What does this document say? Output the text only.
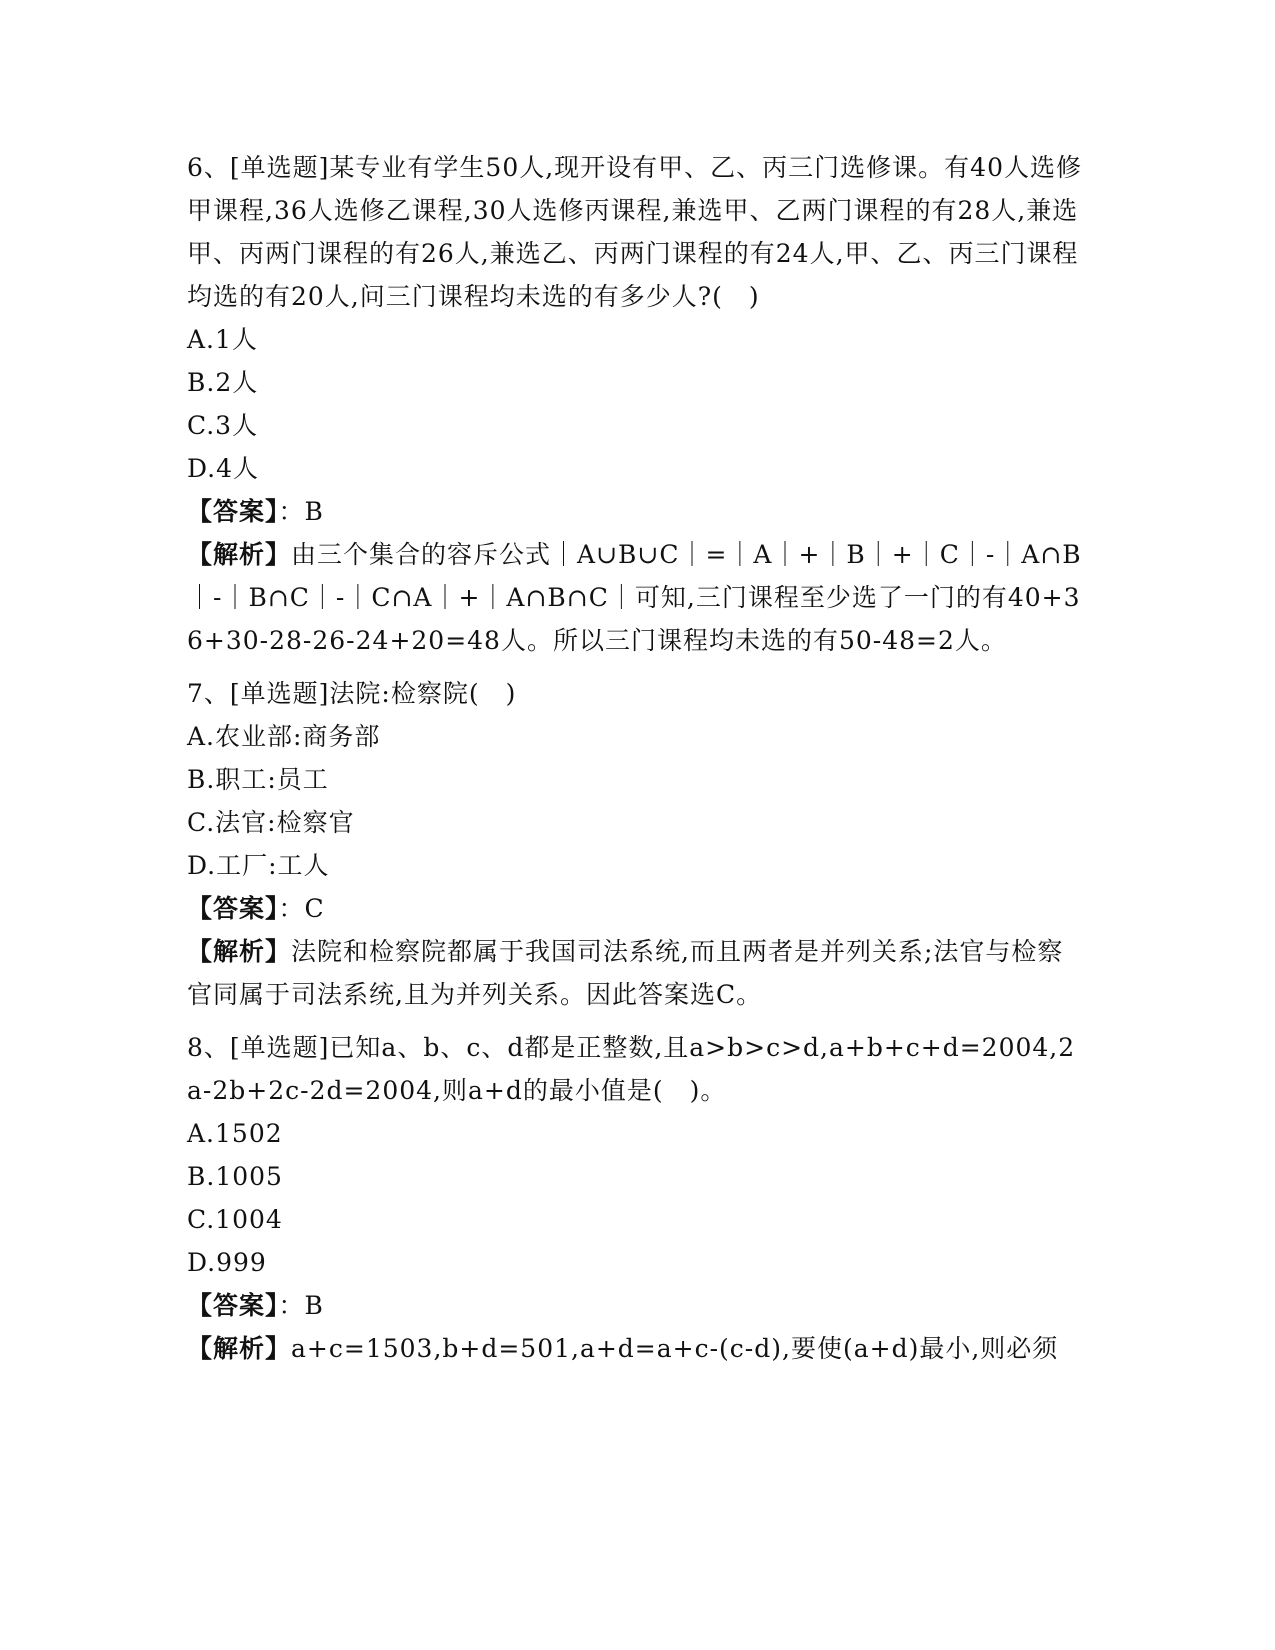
6、[单选题]某专业有学生50人,现开设有甲、乙、丙三门选修课。有40人选修甲课程,36人选修乙课程,30人选修丙课程,兼选甲、乙两门课程的有28人,兼选甲、丙两门课程的有26人,兼选乙、丙两门课程的有24人,甲、乙、丙三门课程均选的有20人,问三门课程均未选的有多少人?(　)
A.1人
B.2人
C.3人
D.4人
【答案】：B
【解析】由三个集合的容斥公式｜A∪B∪C｜=｜A｜+｜B｜+｜C｜-｜A∩B｜-｜B∩C｜-｜C∩A｜+｜A∩B∩C｜可知,三门课程至少选了一门的有40+36+30-28-26-24+20=48人。所以三门课程均未选的有50-48=2人。
7、[单选题]法院:检察院(　)
A.农业部:商务部
B.职工:员工
C.法官:检察官
D.工厂:工人
【答案】：C
【解析】法院和检察院都属于我国司法系统,而且两者是并列关系;法官与检察官同属于司法系统,且为并列关系。因此答案选C。
8、[单选题]已知a、b、c、d都是正整数,且a>b>c>d,a+b+c+d=2004,2a-2b+2c-2d=2004,则a+d的最小值是(　)。
A.1502
B.1005
C.1004
D.999
【答案】：B
【解析】a+c=1503,b+d=501,a+d=a+c-(c-d),要使(a+d)最小,则必须
